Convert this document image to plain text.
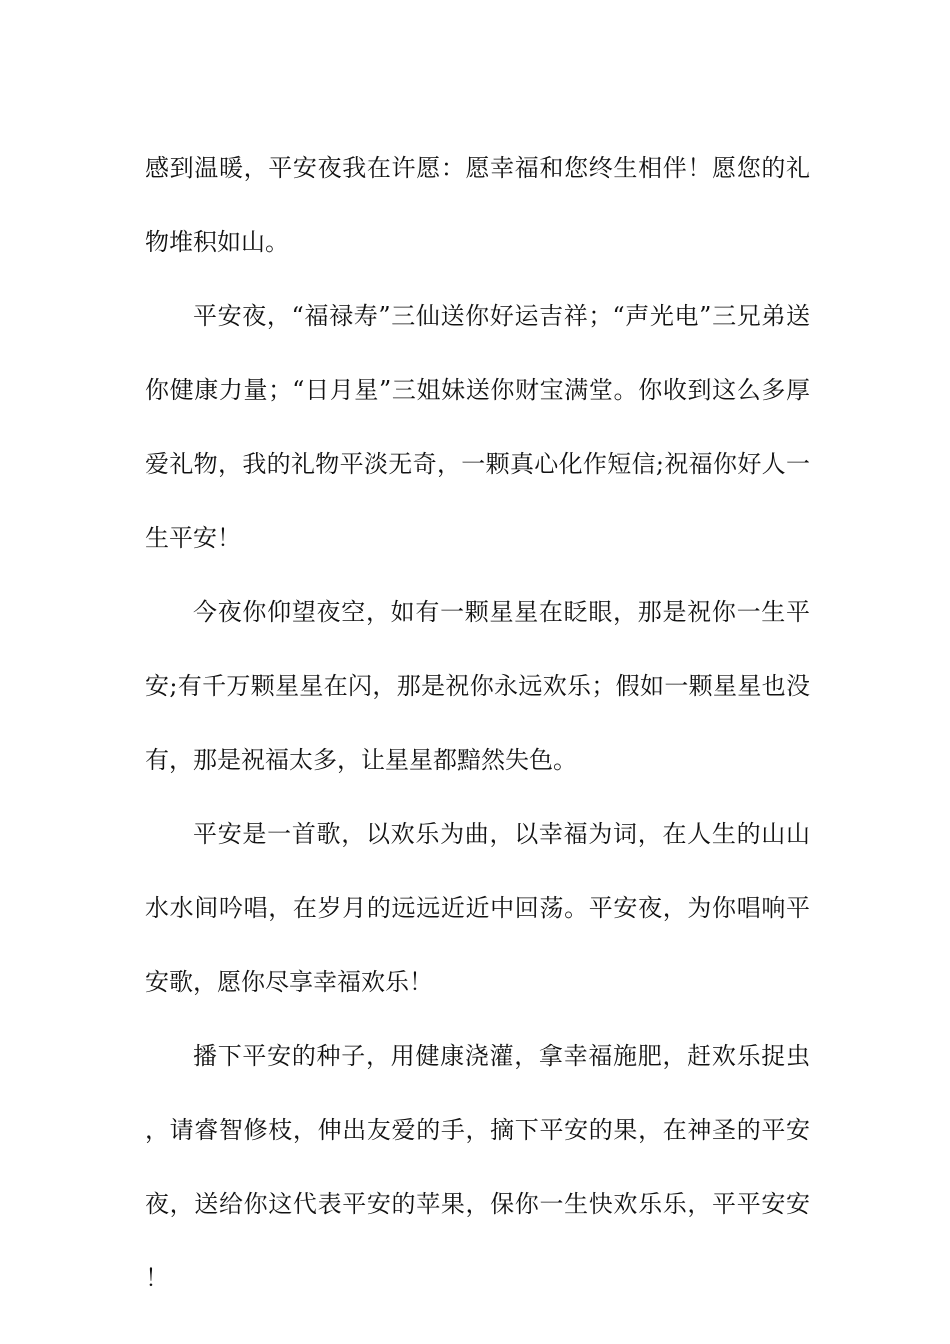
感到温暖，平安夜我在许愿：愿幸福和您终生相伴！愿您的礼物堆积如山。

平安夜，“福禄寿”三仙送你好运吉祥；“声光电”三兄弟送你健康力量；“日月星”三姐妹送你财宝满堂。你收到这么多厚爱礼物，我的礼物平淡无奇，一颗真心化作短信;祝福你好人一生平安！

今夜你仰望夜空，如有一颗星星在眨眼，那是祝你一生平安;有千万颗星星在闪，那是祝你永远欢乐；假如一颗星星也没有，那是祝福太多，让星星都黯然失色。

平安是一首歌，以欢乐为曲，以幸福为词，在人生的山山水水间吟唱，在岁月的远远近近中回荡。平安夜，为你唱响平安歌，愿你尽享幸福欢乐！

播下平安的种子，用健康浇灌，拿幸福施肥，赶欢乐捉虫，请睿智修枝，伸出友爱的手，摘下平安的果，在神圣的平安夜，送给你这代表平安的苹果，保你一生快欢乐乐，平平安安！
